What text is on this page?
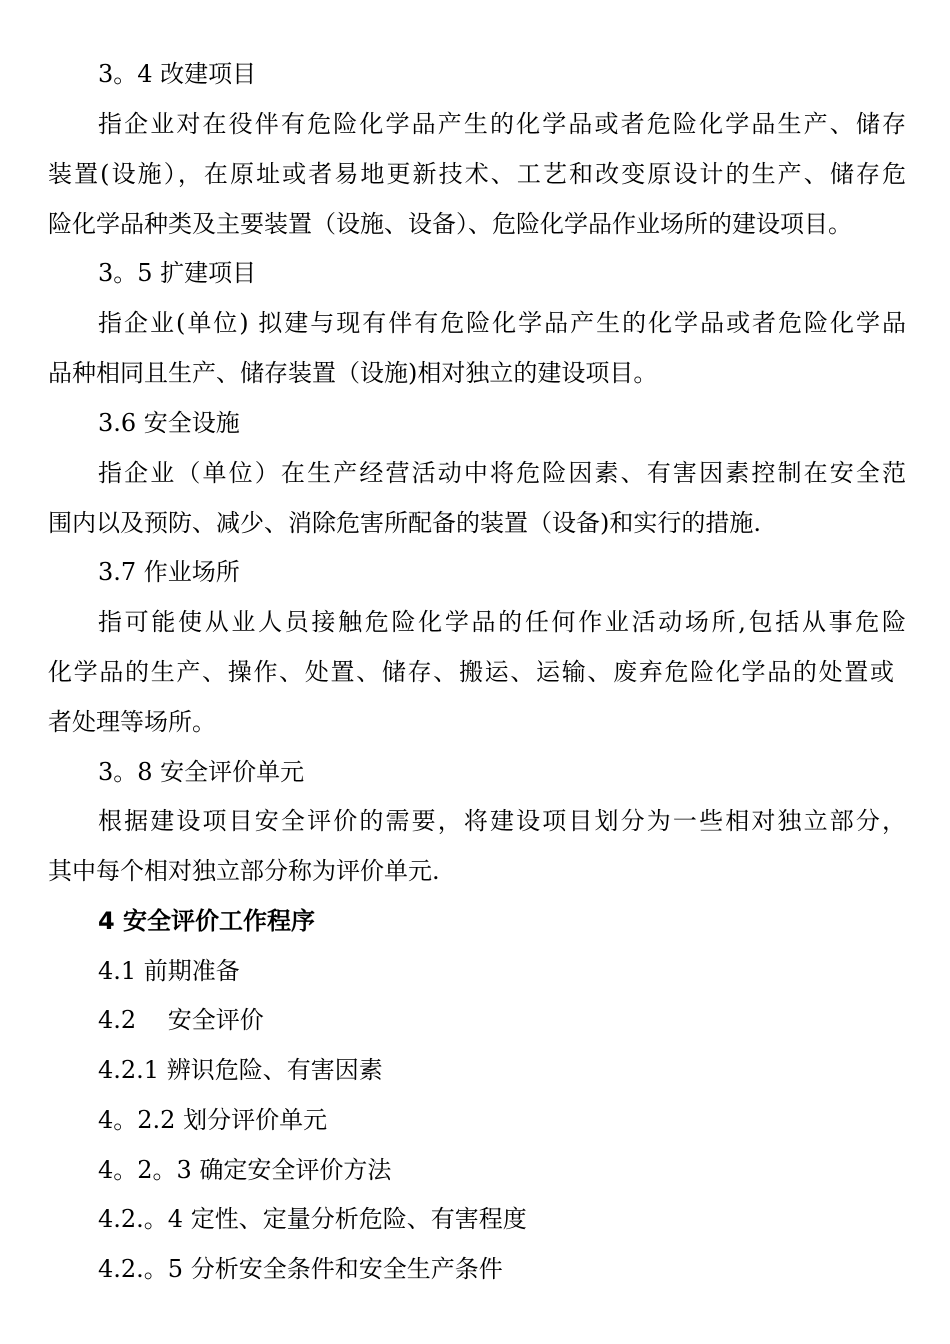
3。4 改建项目
指企业对在役伴有危险化学品产生的化学品或者危险化学品生产、储存
装置(设施），在原址或者易地更新技术、工艺和改变原设计的生产、储存危
险化学品种类及主要装置（设施、设备）、危险化学品作业场所的建设项目。
3。5 扩建项目
指企业(单位) 拟建与现有伴有危险化学品产生的化学品或者危险化学品
品种相同且生产、储存装置（设施)相对独立的建设项目。
3.6 安全设施
指企业（单位）在生产经营活动中将危险因素、有害因素控制在安全范
围内以及预防、减少、消除危害所配备的装置（设备)和实行的措施.
3.7 作业场所
指可能使从业人员接触危险化学品的任何作业活动场所,包括从事危险
化学品的生产、操作、处置、储存、搬运、运输、废弃危险化学品的处置或
者处理等场所。
3。8 安全评价单元
根据建设项目安全评价的需要，将建设项目划分为一些相对独立部分，
其中每个相对独立部分称为评价单元.
4 安全评价工作程序
4.1 前期准备
4.2　 安全评价
4.2.1 辨识危险、有害因素
4。2.2 划分评价单元
4。2。3 确定安全评价方法
4.2.。4 定性、定量分析危险、有害程度
4.2.。5 分析安全条件和安全生产条件
